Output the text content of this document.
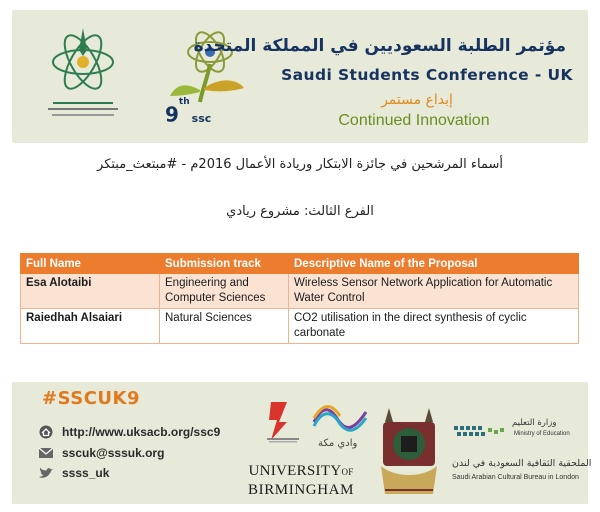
9thssc
مؤتمر الطلبة السعوديين في المملكة المتحدة
Saudi Students Conference - UK
إبداع مستمر
Continued Innovation
أسماء المرشحين في جائزة الابتكار وريادة الأعمال 2016م - #مبتعث_مبتكر
الفرع الثالث: مشروع ريادي
Full Name	Submission track	Descriptive Name of the Proposal
Esa Alotaibi	Engineering and Computer Sciences	Wireless Sensor Network Application for Automatic Water Control
Raiedhah Alsaiari	Natural Sciences	CO2 utilisation in the direct synthesis of cyclic carbonate
#SSCUK9
http://www.uksacb.org/ssc9
sscuk@sssuk.org
ssss_uk
وادي مكة
UNIVERSITYOF
BIRMINGHAM
وزارة التعليم
Ministry of Education
الملحقية الثقافية السعودية في لندن
Saudi Arabian Cultural Bureau in London
